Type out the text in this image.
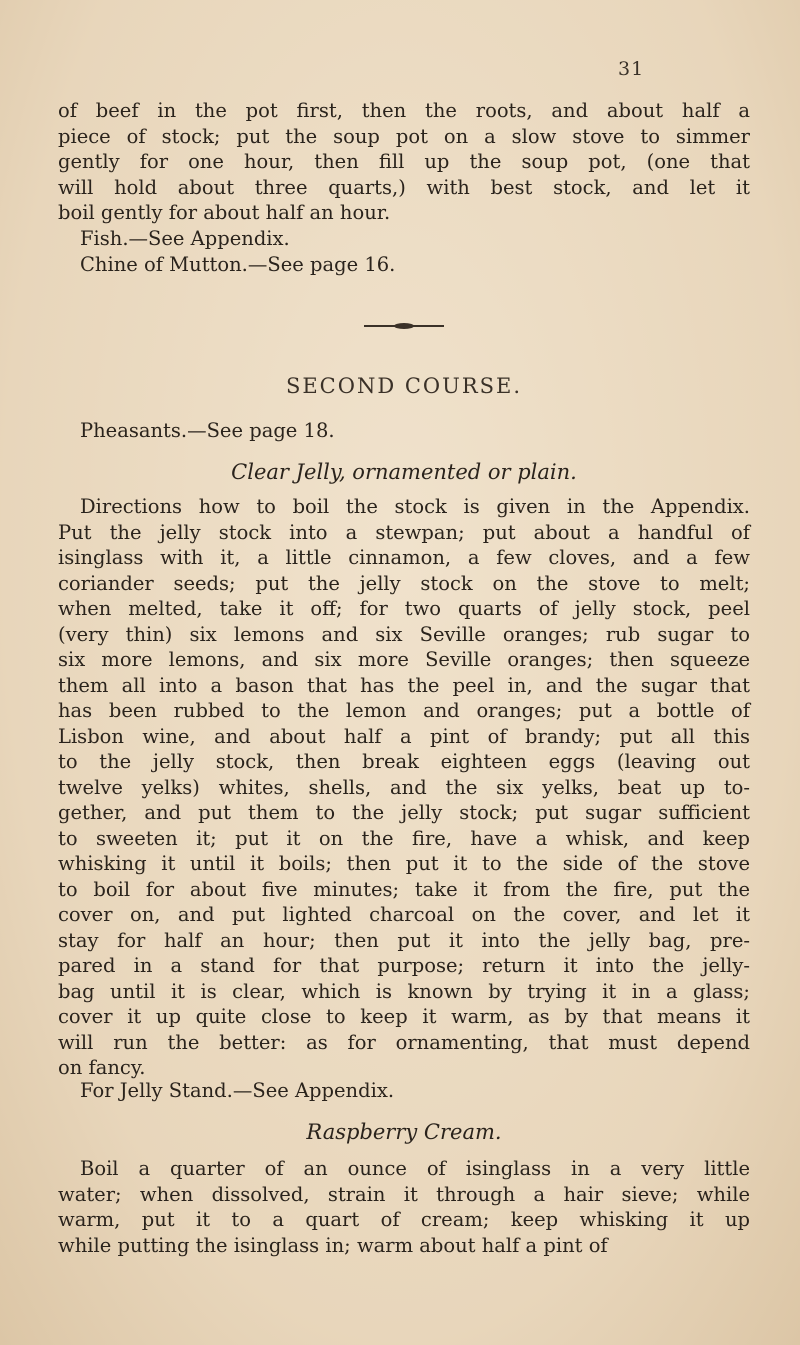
31

of beef in the pot first, then the roots, and about half a
piece of stock; put the soup pot on a slow stove to simmer
gently for one hour, then fill up the soup pot, (one that
will hold about three quarts,) with best stock, and let it
boil gently for about half an hour.

Fish.—See Appendix.

Chine of Mutton.—See page 16.

SECOND COURSE.

Pheasants.—See page 18.

Clear Jelly, ornamented or plain.

Directions how to boil the stock is given in the Appendix.
Put the jelly stock into a stewpan; put about a handful of
isinglass with it, a little cinnamon, a few cloves, and a few
coriander seeds; put the jelly stock on the stove to melt;
when melted, take it off; for two quarts of jelly stock, peel
(very thin) six lemons and six Seville oranges; rub sugar to
six more lemons, and six more Seville oranges; then squeeze
them all into a bason that has the peel in, and the sugar that
has been rubbed to the lemon and oranges; put a bottle of
Lisbon wine, and about half a pint of brandy; put all this
to the jelly stock, then break eighteen eggs (leaving out
twelve yelks) whites, shells, and the six yelks, beat up to-
gether, and put them to the jelly stock; put sugar sufficient
to sweeten it; put it on the fire, have a whisk, and keep
whisking it until it boils; then put it to the side of the stove
to boil for about five minutes; take it from the fire, put the
cover on, and put lighted charcoal on the cover, and let it
stay for half an hour; then put it into the jelly bag, pre-
pared in a stand for that purpose; return it into the jelly-
bag until it is clear, which is known by trying it in a glass;
cover it up quite close to keep it warm, as by that means it
will run the better: as for ornamenting, that must depend
on fancy.

For Jelly Stand.—See Appendix.

Raspberry Cream.

Boil a quarter of an ounce of isinglass in a very little
water; when dissolved, strain it through a hair sieve; while
warm, put it to a quart of cream; keep whisking it up
while putting the isinglass in; warm about half a pint of
